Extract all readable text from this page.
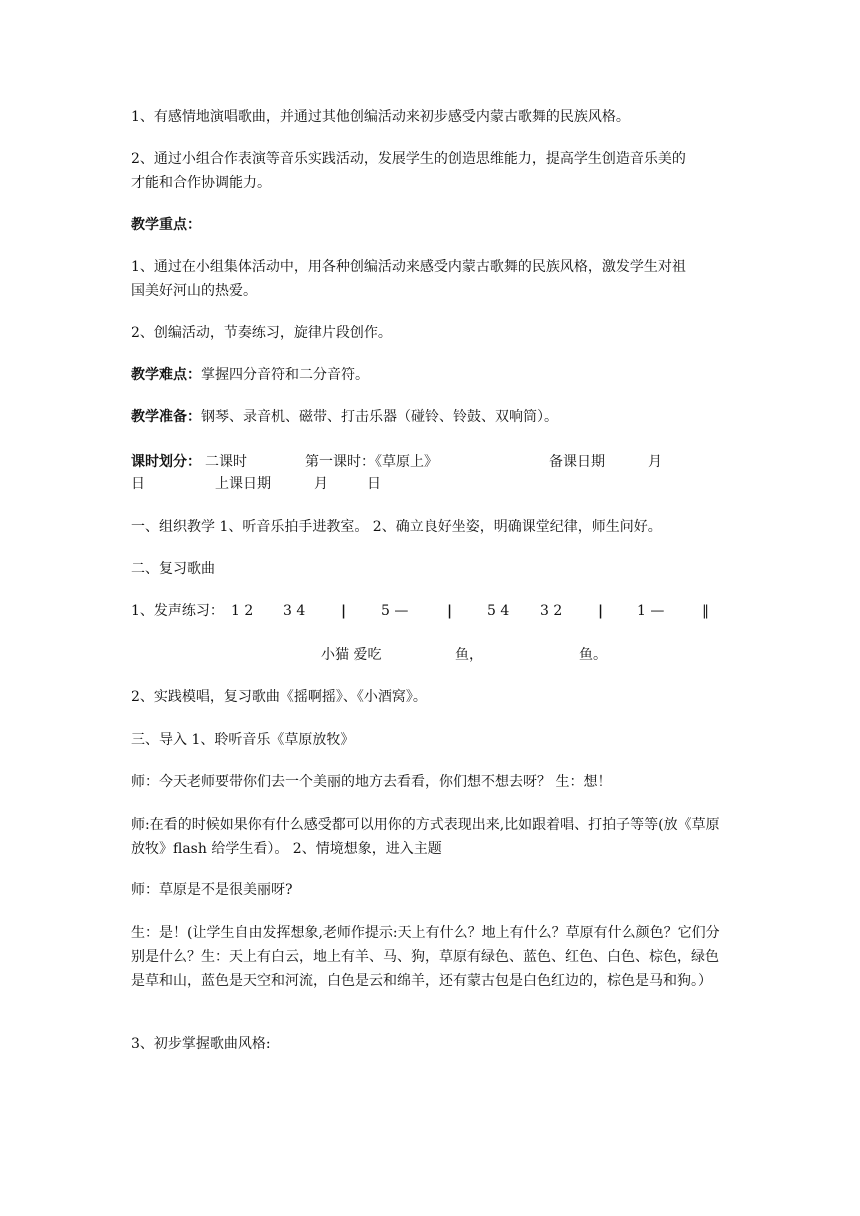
1、有感情地演唱歌曲，并通过其他创编活动来初步感受内蒙古歌舞的民族风格。
2、通过小组合作表演等音乐实践活动，发展学生的创造思维能力，提高学生创造音乐美的
才能和合作协调能力。
教学重点：
1、通过在小组集体活动中，用各种创编活动来感受内蒙古歌舞的民族风格，激发学生对祖
国美好河山的热爱。
2、创编活动，节奏练习，旋律片段创作。
教学难点：掌握四分音符和二分音符。
教学准备：钢琴、录音机、磁带、打击乐器（碰铃、铃鼓、双响筒）。
课时划分： 二课时	第一课时：《草原上》	备课日期	月
日	上课日期	月	日
一、组织教学 1、听音乐拍手进教室。 2、确立良好坐姿，明确课堂纪律，师生问好。
二、复习歌曲
1、发声练习： 1 2 3 4	| 5 —	| 5 4 3 2	| 1 —	‖
小猫 爱吃	鱼，	鱼。
2、实践模唱，复习歌曲《摇啊摇》、《小酒窝》。
三、导入 1、聆听音乐《草原放牧》
师：今天老师要带你们去一个美丽的地方去看看，你们想不想去呀？ 生：想！
师:在看的时候如果你有什么感受都可以用你的方式表现出来,比如跟着唱、打拍子等等(放《草原放牧》flash 给学生看）。 2、情境想象，进入主题
师：草原是不是很美丽呀?
生：是！(让学生自由发挥想象,老师作提示:天上有什么？地上有什么？草原有什么颜色？它们分别是什么？生：天上有白云，地上有羊、马、狗，草原有绿色、蓝色、红色、白色、棕色，绿色是草和山，蓝色是天空和河流，白色是云和绵羊，还有蒙古包是白色红边的，棕色是马和狗。）
3、初步掌握歌曲风格:
